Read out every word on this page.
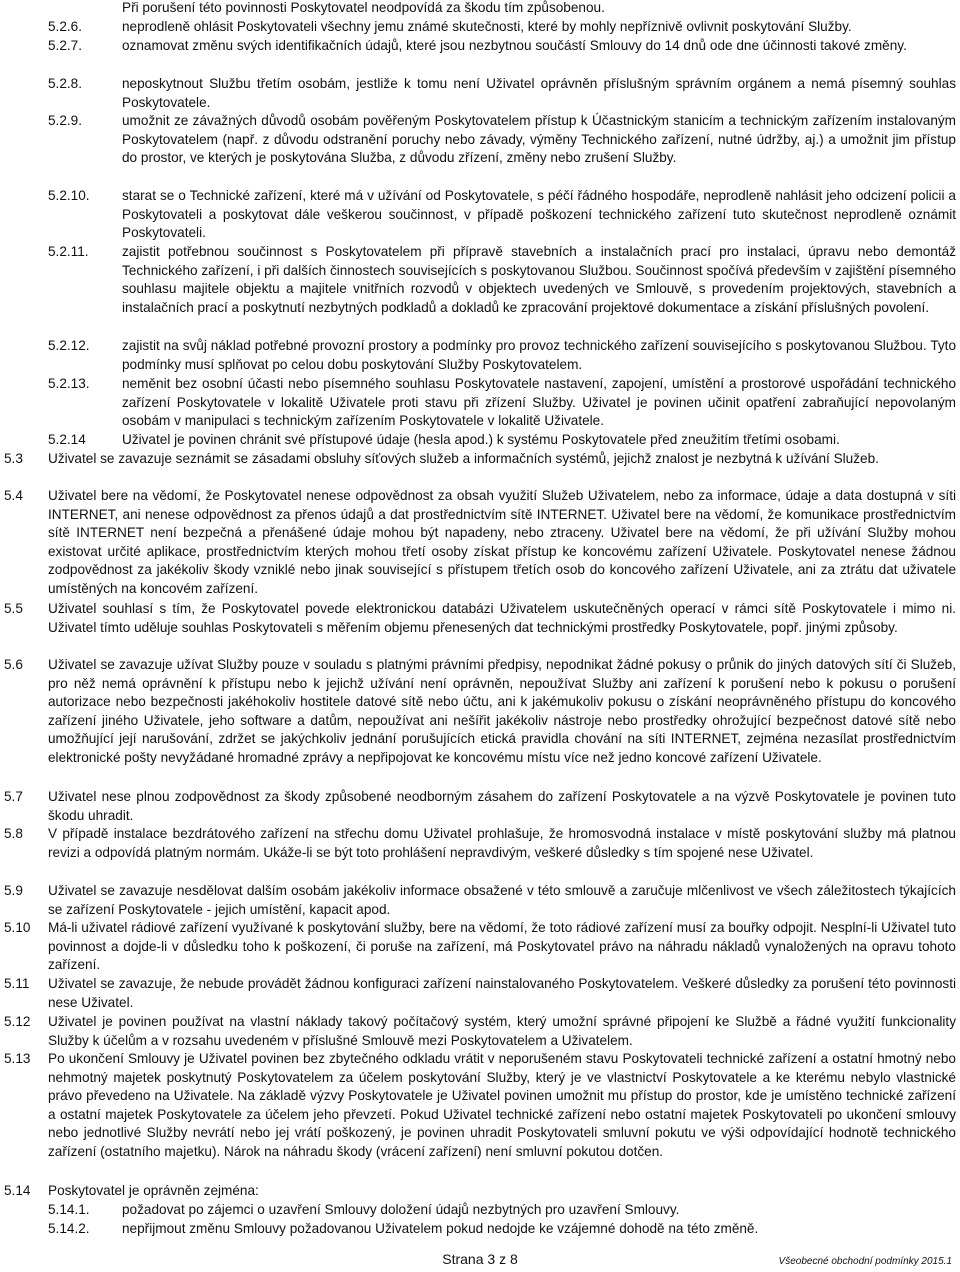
Při porušení této povinnosti Poskytovatel neodpovídá za škodu tím způsobenou.

5.2.6.	neprodleně ohlásit Poskytovateli všechny jemu známé skutečnosti, které by mohly nepříznivě ovlivnit poskytování Služby.
5.2.7.	oznamovat změnu svých identifikačních údajů, které jsou nezbytnou součástí Smlouvy do 14 dnů ode dne účinnosti takové změny.
5.2.8.	neposkytnout Službu třetím osobám, jestliže k tomu není Uživatel oprávněn příslušným správním orgánem a nemá písemný souhlas Poskytovatele.
5.2.9.	umožnit ze závažných důvodů osobám pověřeným Poskytovatelem přístup k Účastnickým stanicím a technickým zařízením instalovaným Poskytovatelem (např. z důvodu odstranění poruchy nebo závady, výměny Technického zařízení, nutné údržby, aj.) a umožnit jim přístup do prostor, ve kterých je poskytována Služba, z důvodu zřízení, změny nebo zrušení Služby.
5.2.10.	starat se o Technické zařízení, které má v užívání od Poskytovatele, s péčí řádného hospodáře, neprodleně nahlásit jeho odcizení policii a Poskytovateli a poskytovat dále veškerou součinnost, v případě poškození technického zařízení tuto skutečnost neprodleně oznámit Poskytovateli.
5.2.11.	zajistit potřebnou součinnost s Poskytovatelem při přípravě stavebních a instalačních prací pro instalaci, úpravu nebo demontáž Technického zařízení, i při dalších činnostech souvisejících s poskytovanou Službou. Součinnost spočívá především v zajištění písemného souhlasu majitele objektu a majitele vnitřních rozvodů v objektech uvedených ve Smlouvě, s provedením projektových, stavebních a instalačních prací a poskytnutí nezbytných podkladů a dokladů ke zpracování projektové dokumentace a získání příslušných povolení.
5.2.12.	zajistit na svůj náklad potřebné provozní prostory a podmínky pro provoz technického zařízení souvisejícího s poskytovanou Službou. Tyto podmínky musí splňovat po celou dobu poskytování Služby Poskytovatelem.
5.2.13.	neměnit bez osobní účasti nebo písemného souhlasu Poskytovatele nastavení, zapojení, umístění a prostorové uspořádání technického zařízení Poskytovatele v lokalitě Uživatele proti stavu při zřízení Služby. Uživatel je povinen učinit opatření zabraňující nepovolaným osobám v manipulaci s technickým zařízením Poskytovatele v lokalitě Uživatele.
5.2.14	Uživatel je povinen chránit své přístupové údaje (hesla apod.) k systému Poskytovatele před zneužitím třetími osobami.
5.3	Uživatel se zavazuje seznámit se zásadami obsluhy síťových služeb a informačních systémů, jejichž znalost je nezbytná k užívání Služeb.
5.4	Uživatel bere na vědomí, že Poskytovatel nenese odpovědnost za obsah využití Služeb Uživatelem, nebo za informace, údaje a data dostupná v síti INTERNET, ani nenese odpovědnost za přenos údajů a dat prostřednictvím sítě INTERNET. Uživatel bere na vědomí, že komunikace prostřednictvím sítě INTERNET není bezpečná a přenášené údaje mohou být napadeny, nebo ztraceny. Uživatel bere na vědomí, že při užívání Služby mohou existovat určité aplikace, prostřednictvím kterých mohou třetí osoby získat přístup ke koncovému zařízení Uživatele. Poskytovatel nenese žádnou zodpovědnost za jakékoliv škody vzniklé nebo jinak související s přístupem třetích osob do koncového zařízení Uživatele, ani za ztrátu dat uživatele umístěných na koncovém zařízení.
5.5	Uživatel souhlasí s tím, že Poskytovatel povede elektronickou databázi Uživatelem uskutečněných operací v rámci sítě Poskytovatele i mimo ni. Uživatel tímto uděluje souhlas Poskytovateli s měřením objemu přenesených dat technickými prostředky Poskytovatele, popř. jinými způsoby.
5.6	Uživatel se zavazuje užívat Služby pouze v souladu s platnými právními předpisy, nepodnikat žádné pokusy o průnik do jiných datových sítí či Služeb, pro něž nemá oprávnění k přístupu nebo k jejichž užívání není oprávněn, nepoužívat Služby ani zařízení k porušení nebo k pokusu o porušení autorizace nebo bezpečnosti jakéhokoliv hostitele datové sítě nebo účtu, ani k jakémukoliv pokusu o získání neoprávněného přístupu do koncového zařízení jiného Uživatele, jeho software a datům, nepoužívat ani nešířit jakékoliv nástroje nebo prostředky ohrožující bezpečnost datové sítě nebo umožňující její narušování, zdržet se jakýchkoliv jednání porušujících etická pravidla chování na síti INTERNET, zejména nezasílat prostřednictvím elektronické pošty nevyžádané hromadné zprávy a nepřipojovat ke koncovému místu více než jedno koncové zařízení Uživatele.
5.7	Uživatel nese plnou zodpovědnost za škody způsobené neodborným zásahem do zařízení Poskytovatele a na výzvě Poskytovatele je povinen tuto škodu uhradit.
5.8	V případě instalace bezdrátového zařízení na střechu domu Uživatel prohlašuje, že hromosvodná instalace v místě poskytování služby má platnou revizi a odpovídá platným normám. Ukáže-li se být toto prohlášení nepravdivým, veškeré důsledky s tím spojené nese Uživatel.
5.9	Uživatel se zavazuje nesdělovat dalším osobám jakékoliv informace obsažené v této smlouvě a zaručuje mlčenlivost ve všech záležitostech týkajících se zařízení Poskytovatele - jejich umístění, kapacit apod.
5.10	Má-li uživatel rádiové zařízení využívané k poskytování služby, bere na vědomí, že toto rádiové zařízení musí za bouřky odpojit. Nesplní-li Uživatel tuto povinnost a dojde-li v důsledku toho k poškození, či poruše na zařízení, má Poskytovatel právo na náhradu nákladů vynaložených na opravu tohoto zařízení.
5.11	Uživatel se zavazuje, že nebude provádět žádnou konfiguraci zařízení nainstalovaného Poskytovatelem. Veškeré důsledky za porušení této povinnosti nese Uživatel.
5.12	Uživatel je povinen používat na vlastní náklady takový počítačový systém, který umožní správné připojení ke Službě a řádné využití funkcionality Služby k účelům a v rozsahu uvedeném v příslušné Smlouvě mezi Poskytovatelem a Uživatelem.
5.13	Po ukončení Smlouvy je Uživatel povinen bez zbytečného odkladu vrátit v neporušeném stavu Poskytovateli technické zařízení a ostatní hmotný nebo nehmotný majetek poskytnutý Poskytovatelem za účelem poskytování Služby, který je ve vlastnictví Poskytovatele a ke kterému nebylo vlastnické právo převedeno na Uživatele. Na základě výzvy Poskytovatele je Uživatel povinen umožnit mu přístup do prostor, kde je umístěno technické zařízení a ostatní majetek Poskytovatele za účelem jeho převzetí. Pokud Uživatel technické zařízení nebo ostatní majetek Poskytovateli po ukončení smlouvy nebo jednotlivé Služby nevrátí nebo jej vrátí poškozený, je povinen uhradit Poskytovateli smluvní pokutu ve výši odpovídající hodnotě technického zařízení (ostatního majetku). Nárok na náhradu škody (vrácení zařízení) není smluvní pokutou dotčen.
5.14	Poskytovatel je oprávněn zejména:
5.14.1.	požadovat po zájemci o uzavření Smlouvy doložení údajů nezbytných pro uzavření Smlouvy.
5.14.2.	nepřijmout změnu Smlouvy požadovanou Uživatelem pokud nedojde ke vzájemné dohodě na této změně.
Strana 3 z 8	Všeobecné obchodní podmínky 2015.1
